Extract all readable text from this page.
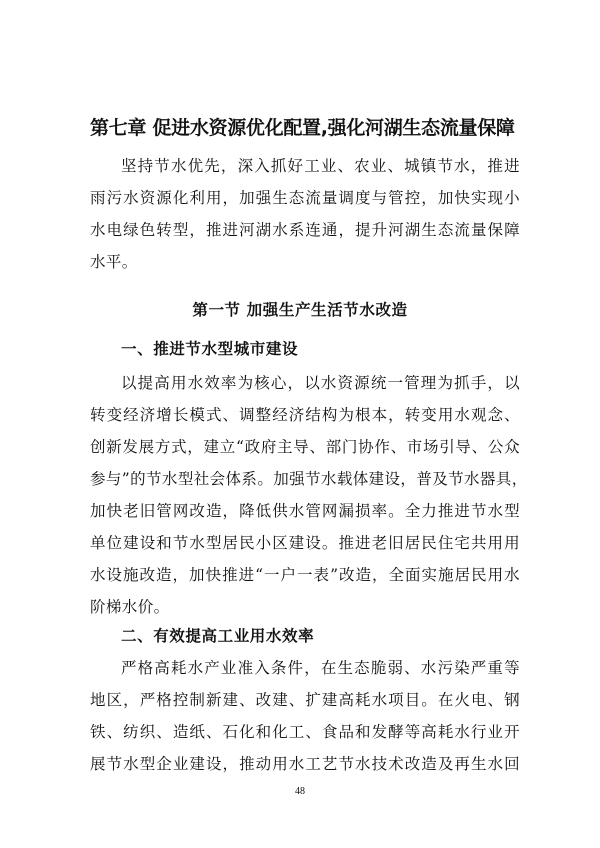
第七章 促进水资源优化配置,强化河湖生态流量保障

坚持节水优先，深入抓好工业、农业、城镇节水，推进

雨污水资源化利用，加强生态流量调度与管控，加快实现小

水电绿色转型，推进河湖水系连通，提升河湖生态流量保障

水平。

第一节 加强生产生活节水改造
一、推进节水型城市建设

以提高用水效率为核心，以水资源统一管理为抓手，以

转变经济增长模式、调整经济结构为根本，转变用水观念、

创新发展方式，建立“政府主导、部门协作、市场引导、公众

参与”的节水型社会体系。加强节水载体建设，普及节水器具，

加快老旧管网改造，降低供水管网漏损率。全力推进节水型

单位建设和节水型居民小区建设。推进老旧居民住宅共用用

水设施改造，加快推进“一户一表”改造，全面实施居民用水

阶梯水价。

二、有效提高工业用水效率

严格高耗水产业准入条件，在生态脆弱、水污染严重等

地区，严格控制新建、改建、扩建高耗水项目。在火电、钢

铁、纺织、造纸、石化和化工、食品和发酵等高耗水行业开

展节水型企业建设，推动用水工艺节水技术改造及再生水回

48
